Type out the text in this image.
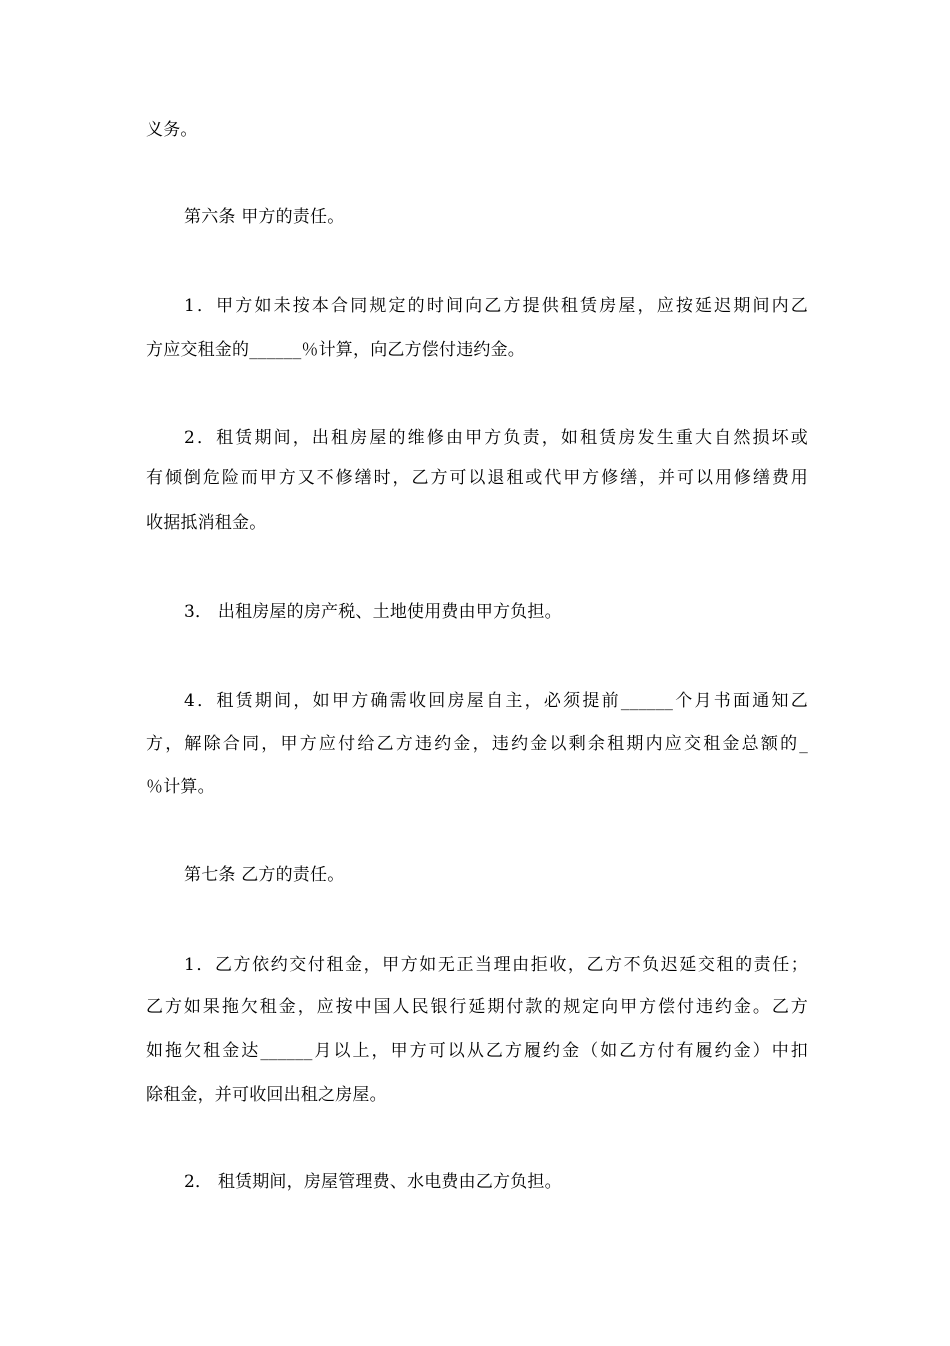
义务。
第六条 甲方的责任。
1．甲方如未按本合同规定的时间向乙方提供租赁房屋，应按延迟期间内乙
方应交租金的______％计算，向乙方偿付违约金。
2．租赁期间，出租房屋的维修由甲方负责，如租赁房发生重大自然损坏或
有倾倒危险而甲方又不修缮时，乙方可以退租或代甲方修缮，并可以用修缮费用
收据抵消租金。
3． 出租房屋的房产税、土地使用费由甲方负担。
4．租赁期间，如甲方确需收回房屋自主，必须提前______个月书面通知乙
方，解除合同，甲方应付给乙方违约金，违约金以剩余租期内应交租金总额的_
％计算。
第七条 乙方的责任。
1．乙方依约交付租金，甲方如无正当理由拒收，乙方不负迟延交租的责任；
乙方如果拖欠租金，应按中国人民银行延期付款的规定向甲方偿付违约金。乙方
如拖欠租金达______月以上，甲方可以从乙方履约金（如乙方付有履约金）中扣
除租金，并可收回出租之房屋。
2． 租赁期间，房屋管理费、水电费由乙方负担。
